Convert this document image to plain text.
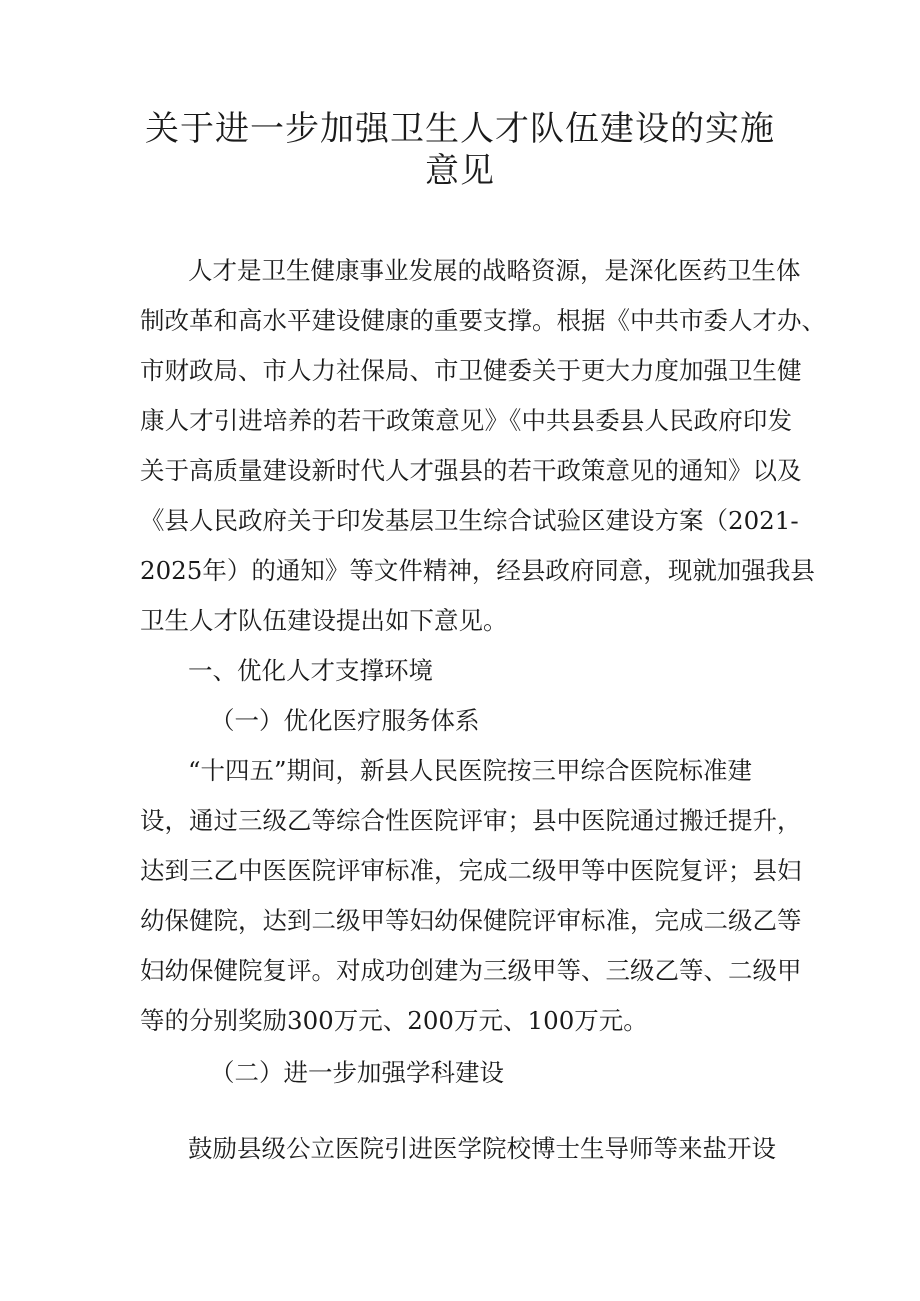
关于进一步加强卫生人才队伍建设的实施
意见

人才是卫生健康事业发展的战略资源，是深化医药卫生体

制改革和高水平建设健康的重要支撑。根据《中共市委人才办、

市财政局、市人力社保局、市卫健委关于更大力度加强卫生健

康人才引进培养的若干政策意见》《中共县委县人民政府印发

关于高质量建设新时代人才强县的若干政策意见的通知》以及

《县人民政府关于印发基层卫生综合试验区建设方案（2021-

2025年）的通知》等文件精神，经县政府同意，现就加强我县

卫生人才队伍建设提出如下意见。

一、优化人才支撑环境

（一）优化医疗服务体系

“十四五”期间，新县人民医院按三甲综合医院标准建

设，通过三级乙等综合性医院评审；县中医院通过搬迁提升，

达到三乙中医医院评审标准，完成二级甲等中医院复评；县妇

幼保健院，达到二级甲等妇幼保健院评审标准，完成二级乙等

妇幼保健院复评。对成功创建为三级甲等、三级乙等、二级甲

等的分别奖励300万元、200万元、100万元。

（二）进一步加强学科建设

鼓励县级公立医院引进医学院校博士生导师等来盐开设
